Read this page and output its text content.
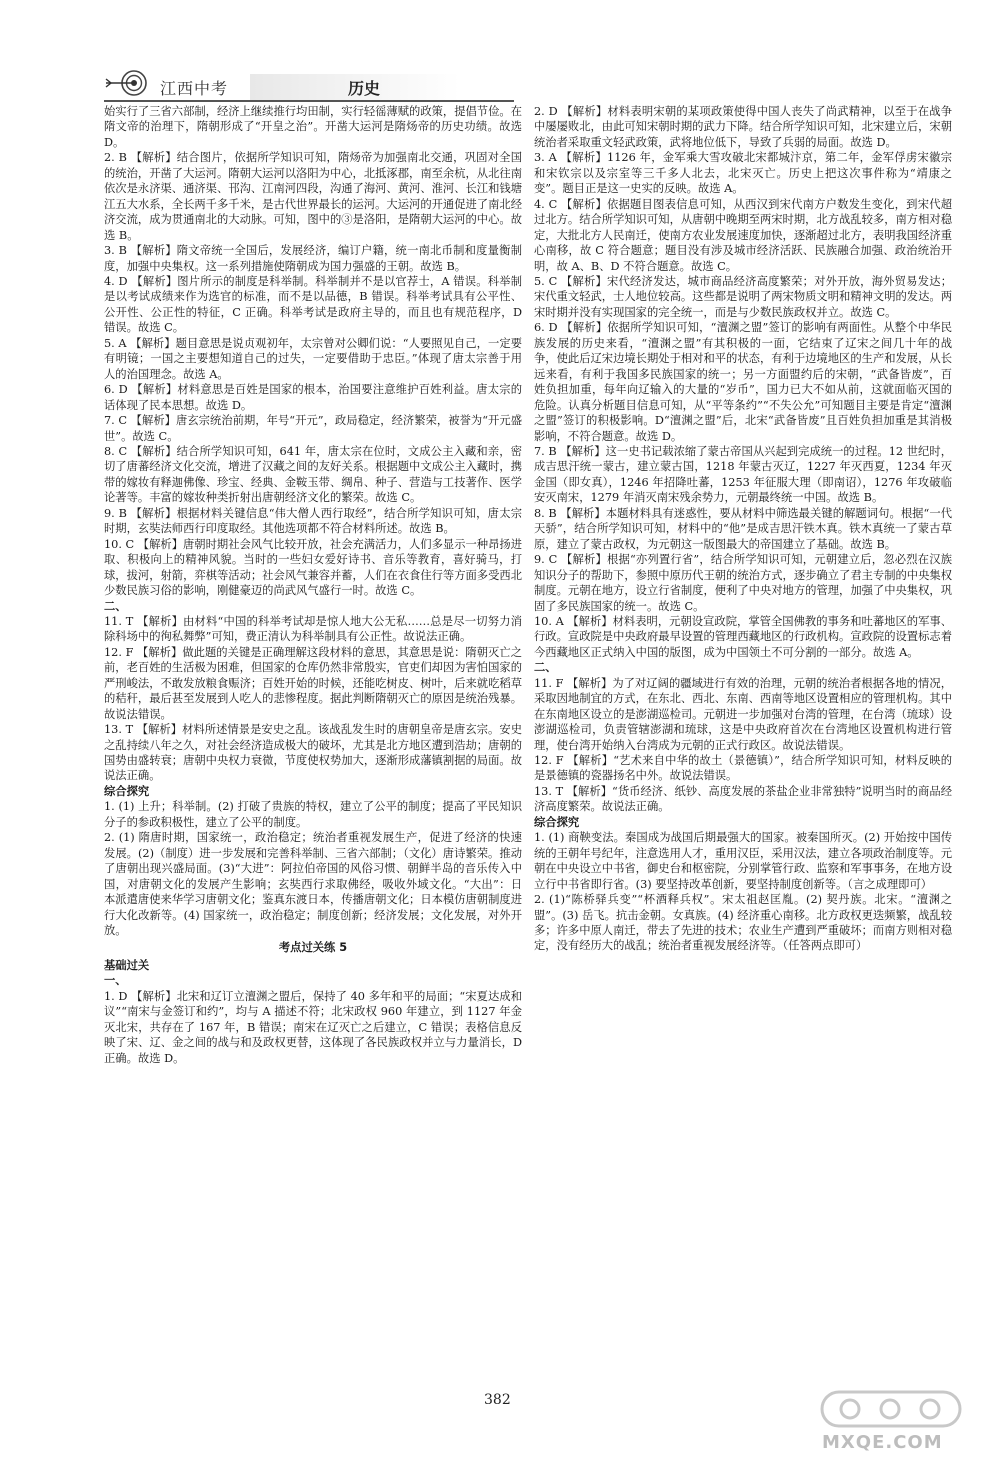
江西中考	历史

始实行了三省六部制，经济上继续推行均田制，实行轻徭薄赋的政策，提倡节俭。在隋文帝的治理下，隋朝形成了“开皇之治”。开凿大运河是隋炀帝的历史功绩。故选 D。

2. B 【解析】结合图片，依据所学知识可知，隋炀帝为加强南北交通，巩固对全国的统治，开凿了大运河。隋朝大运河以洛阳为中心，北抵涿郡，南至余杭，从北往南依次是永济渠、通济渠、邗沟、江南河四段，沟通了海河、黄河、淮河、长江和钱塘江五大水系，全长两千多千米，是古代世界最长的运河。大运河的开通促进了南北经济交流，成为贯通南北的大动脉。可知，图中的③是洛阳，是隋朝大运河的中心。故选 B。

3. B 【解析】隋文帝统一全国后，发展经济，编订户籍，统一南北币制和度量衡制度，加强中央集权。这一系列措施使隋朝成为国力强盛的王朝。故选 B。

4. D 【解析】图片所示的制度是科举制。科举制并不是以官荐士，A 错误。科举制是以考试成绩来作为选官的标准，而不是以品德，B 错误。科举考试具有公平性、公开性、公正性的特征，C 正确。科举考试是政府主导的，而且也有规范程序，D 错误。故选 C。

5. A 【解析】题目意思是说贞观初年，太宗曾对公卿们说：“人要照见自己，一定要有明镜；一国之主要想知道自己的过失，一定要借助于忠臣。”体现了唐太宗善于用人的治国理念。故选 A。

6. D 【解析】材料意思是百姓是国家的根本，治国要注意维护百姓利益。唐太宗的话体现了民本思想。故选 D。

7. C 【解析】唐玄宗统治前期，年号“开元”，政局稳定，经济繁荣，被誉为“开元盛世”。故选 C。

8. C 【解析】结合所学知识可知，641 年，唐太宗在位时，文成公主入藏和亲，密切了唐蕃经济文化交流，增进了汉藏之间的友好关系。根据题中文成公主入藏时，携带的嫁妆有释迦佛像、珍宝、经典、金鞍玉带、绸帛、种子、营造与工技著作、医学论著等。丰富的嫁妆种类折射出唐朝经济文化的繁荣。故选 C。

9. B 【解析】根据材料关键信息“伟大僧人西行取经”，结合所学知识可知，唐太宗时期，玄奘法师西行印度取经。其他选项都不符合材料所述。故选 B。

10. C 【解析】唐朝时期社会风气比较开放，社会充满活力，人们多显示一种昂扬进取、积极向上的精神风貌。当时的一些妇女爱好诗书、音乐等教育，喜好骑马，打球，拔河，射箭，弈棋等活动；社会风气兼容并蓄，人们在衣食住行等方面多受西北少数民族习俗的影响，刚健豪迈的尚武风气盛行一时。故选 C。

二、

11. T 【解析】由材料“中国的科举考试却是惊人地大公无私……总是尽一切努力消除科场中的徇私舞弊”可知，费正清认为科举制具有公正性。故说法正确。

12. F 【解析】做此题的关键是正确理解这段材料的意思，其意思是说：隋朝灭亡之前，老百姓的生活极为困难，但国家的仓库仍然非常殷实，官吏们却因为害怕国家的严刑峻法，不敢发放粮食赈济；百姓开始的时候，还能吃树皮、树叶，后来就吃稻草的秸秆，最后甚至发展到人吃人的悲惨程度。据此判断隋朝灭亡的原因是统治残暴。故说法错误。

13. T 【解析】材料所述情景是安史之乱。该战乱发生时的唐朝皇帝是唐玄宗。安史之乱持续八年之久，对社会经济造成极大的破坏，尤其是北方地区遭到浩劫；唐朝的国势由盛转衰；唐朝中央权力衰微，节度使权势加大，逐渐形成藩镇割据的局面。故说法正确。

综合探究

1. (1) 上升；科举制。(2) 打破了贵族的特权，建立了公平的制度；提高了平民知识分子的参政积极性，建立了公平的制度。

2. (1) 隋唐时期，国家统一，政治稳定；统治者重视发展生产，促进了经济的快速发展。(2)（制度）进一步发展和完善科举制、三省六部制；（文化）唐诗繁荣。推动了唐朝出现兴盛局面。(3)“大进”：阿拉伯帝国的风俗习惯、朝鲜半岛的音乐传入中国，对唐朝文化的发展产生影响；玄奘西行求取佛经，吸收外域文化。“大出”：日本派遣唐使来华学习唐朝文化；鉴真东渡日本，传播唐朝文化；日本模仿唐朝制度进行大化改新等。(4) 国家统一，政治稳定；制度创新；经济发展；文化发展，对外开放。

考点过关练 5

基础过关

一、

1. D 【解析】北宋和辽订立澶渊之盟后，保持了 40 多年和平的局面；“宋夏达成和议”“南宋与金签订和约”，均与 A 描述不符；北宋政权 960 年建立，到 1127 年金灭北宋，共存在了 167 年，B 错误；南宋在辽灭亡之后建立，C 错误；表格信息反映了宋、辽、金之间的战与和及政权更替，这体现了各民族政权并立与力量消长，D 正确。故选 D。

2. D 【解析】材料表明宋朝的某项政策使得中国人丧失了尚武精神，以至于在战争中屡屡败北，由此可知宋朝时期的武力下降。结合所学知识可知，北宋建立后，宋朝统治者采取重文轻武政策，武将地位低下，导致了兵弱的局面。故选 D。

3. A 【解析】1126 年，金军乘大雪攻破北宋都城汴京，第二年，金军俘虏宋徽宗和宋钦宗以及宗室等三千多人北去，北宋灭亡。历史上把这次事件称为“靖康之变”。题目正是这一史实的反映。故选 A。

4. C 【解析】依据题目图表信息可知，从西汉到宋代南方户数发生变化，到宋代超过北方。结合所学知识可知，从唐朝中晚期至两宋时期，北方战乱较多，南方相对稳定，大批北方人民南迁，使南方农业发展速度加快，逐渐超过北方，表明我国经济重心南移，故 C 符合题意；题目没有涉及城市经济活跃、民族融合加强、政治统治开明，故 A、B、D 不符合题意。故选 C。

5. C 【解析】宋代经济发达，城市商品经济高度繁荣；对外开放，海外贸易发达；宋代重文轻武，士人地位较高。这些都是说明了两宋物质文明和精神文明的发达。两宋时期并没有实现国家的完全统一，而是与少数民族政权并立。故选 C。

6. D 【解析】依据所学知识可知，“澶渊之盟”签订的影响有两面性。从整个中华民族发展的历史来看，“澶渊之盟”有其积极的一面，它结束了辽宋之间几十年的战争，使此后辽宋边境长期处于相对和平的状态，有利于边境地区的生产和发展，从长远来看，有利于我国多民族国家的统一；另一方面盟约后的宋朝，“武备皆废”，百姓负担加重，每年向辽输入的大量的“岁币”，国力已大不如从前，这就面临灭国的危险。认真分析题目信息可知，从“平等条约”“不失公允”可知题目主要是肯定“澶渊之盟”签订的积极影响。D“澶渊之盟”后，北宋“武备皆废”且百姓负担加重是其消极影响，不符合题意。故选 D。

7. B 【解析】这一史书记载浓缩了蒙古帝国从兴起到完成统一的过程。12 世纪时，成吉思汗统一蒙古，建立蒙古国，1218 年蒙古灭辽，1227 年灭西夏，1234 年灭金国（即女真），1246 年招降吐蕃，1253 年征服大理（即南诏），1276 年攻破临安灭南宋，1279 年消灭南宋残余势力，元朝最终统一中国。故选 B。

8. B 【解析】本题材料具有迷惑性，要从材料中筛选最关键的解题词句。根据“一代天骄”，结合所学知识可知，材料中的“他”是成吉思汗铁木真。铁木真统一了蒙古草原，建立了蒙古政权，为元朝这一版图最大的帝国建立了基础。故选 B。

9. C 【解析】根据“亦列置行省”，结合所学知识可知，元朝建立后，忽必烈在汉族知识分子的帮助下，参照中原历代王朝的统治方式，逐步确立了君主专制的中央集权制度。元朝在地方，设立行省制度，便利了中央对地方的管理，加强了中央集权，巩固了多民族国家的统一。故选 C。

10. A 【解析】材料表明，元朝设宣政院，掌管全国佛教的事务和吐蕃地区的军事、行政。宣政院是中央政府最早设置的管理西藏地区的行政机构。宣政院的设置标志着今西藏地区正式纳入中国的版图，成为中国领土不可分割的一部分。故选 A。

二、

11. F 【解析】为了对辽阔的疆域进行有效的治理，元朝的统治者根据各地的情况，采取因地制宜的方式，在东北、西北、东南、西南等地区设置相应的管理机构。其中在东南地区设立的是澎湖巡检司。元朝进一步加强对台湾的管理，在台湾（琉球）设澎湖巡检司，负责管辖澎湖和琉球，这是中央政府首次在台湾地区设置机构进行管理，使台湾开始纳入台湾成为元朝的正式行政区。故说法错误。

12. F 【解析】“艺术来自中华的故土（景德镇）”，结合所学知识可知，材料反映的是景德镇的瓷器扬名中外。故说法错误。

13. T 【解析】“货币经济、纸钞、高度发展的茶盐企业非常独特”说明当时的商品经济高度繁荣。故说法正确。

综合探究

1. (1) 商鞅变法。秦国成为战国后期最强大的国家。被秦国所灭。(2) 开始按中国传统的王朝年号纪年，注意选用人才，重用汉臣，采用汉法，建立各项政治制度等。元朝在中央设立中书省，御史台和枢密院，分别掌管行政、监察和军事事务，在地方设立行中书省即行省。(3) 要坚持改革创新，要坚持制度创新等。（言之成理即可）

2. (1)“陈桥驿兵变”“杯酒释兵权”。宋太祖赵匡胤。(2) 契丹族。北宋。“澶渊之盟”。(3) 岳飞。抗击金朝。女真族。(4) 经济重心南移。北方政权更迭频繁，战乱较多；许多中原人南迁，带去了先进的技术；农业生产遭到严重破坏；而南方则相对稳定，没有经历大的战乱；统治者重视发展经济等。（任答两点即可）

382
MXQE.COM
